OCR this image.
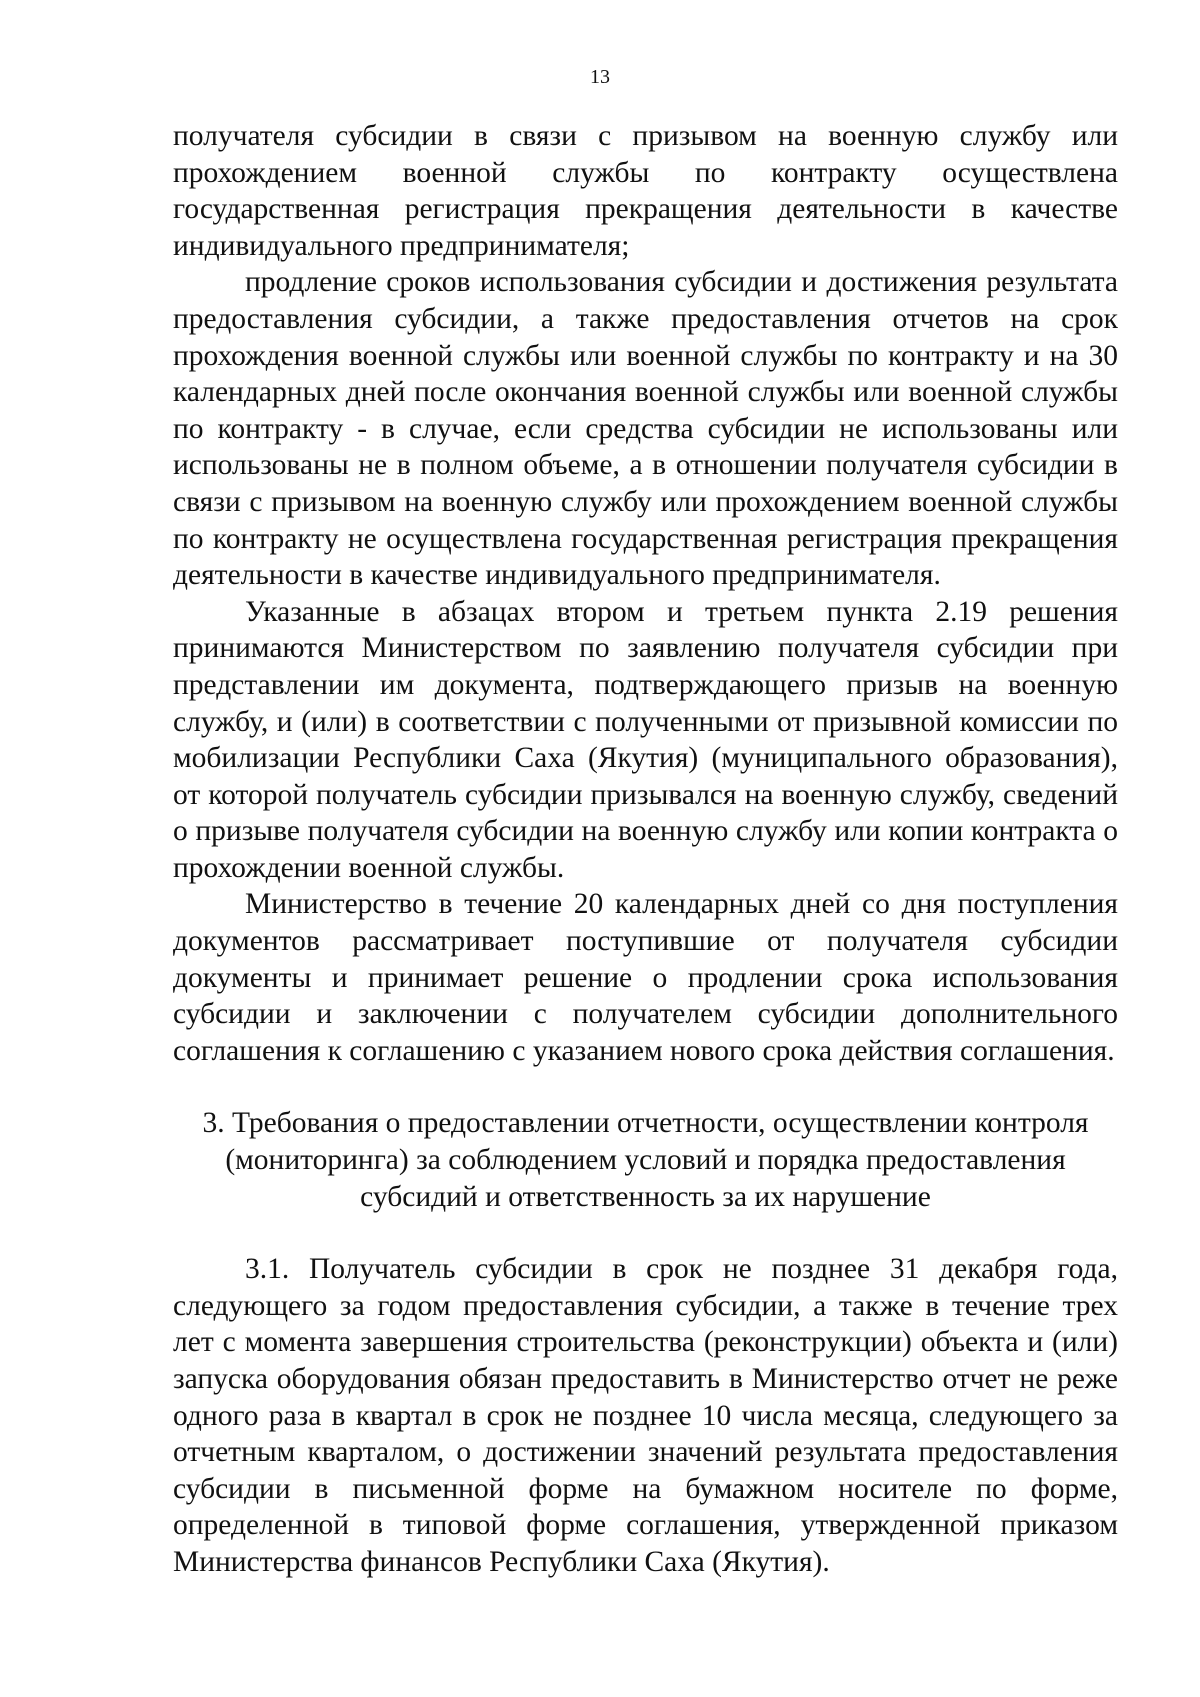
13

получателя субсидии в связи с призывом на военную службу или прохождением военной службы по контракту осуществлена государственная регистрация прекращения деятельности в качестве индивидуального предпринимателя;

продление сроков использования субсидии и достижения результата предоставления субсидии, а также предоставления отчетов на срок прохождения военной службы или военной службы по контракту и на 30 календарных дней после окончания военной службы или военной службы по контракту - в случае, если средства субсидии не использованы или использованы не в полном объеме, а в отношении получателя субсидии в связи с призывом на военную службу или прохождением военной службы по контракту не осуществлена государственная регистрация прекращения деятельности в качестве индивидуального предпринимателя.

Указанные в абзацах втором и третьем пункта 2.19 решения принимаются Министерством по заявлению получателя субсидии при представлении им документа, подтверждающего призыв на военную службу, и (или) в соответствии с полученными от призывной комиссии по мобилизации Республики Саха (Якутия) (муниципального образования), от которой получатель субсидии призывался на военную службу, сведений о призыве получателя субсидии на военную службу или копии контракта о прохождении военной службы.

Министерство в течение 20 календарных дней со дня поступления документов рассматривает поступившие от получателя субсидии документы и принимает решение о продлении срока использования субсидии и заключении с получателем субсидии дополнительного соглашения к соглашению с указанием нового срока действия соглашения.

3. Требования о предоставлении отчетности, осуществлении контроля
(мониторинга) за соблюдением условий и порядка предоставления
субсидий и ответственность за их нарушение

3.1. Получатель субсидии в срок не позднее 31 декабря года, следующего за годом предоставления субсидии, а также в течение трех лет с момента завершения строительства (реконструкции) объекта и (или) запуска оборудования обязан предоставить в Министерство отчет не реже одного раза в квартал в срок не позднее 10 числа месяца, следующего за отчетным кварталом, о достижении значений результата предоставления субсидии в письменной форме на бумажном носителе по форме, определенной в типовой форме соглашения, утвержденной приказом Министерства финансов Республики Саха (Якутия).
